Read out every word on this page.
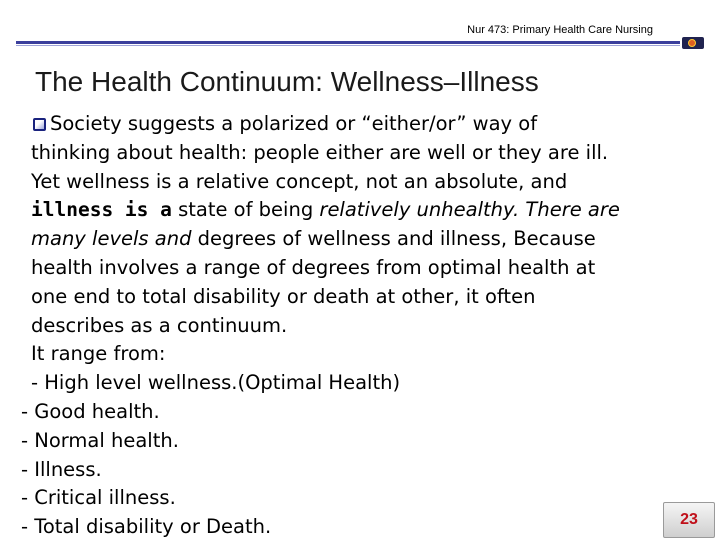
Nur 473: Primary Health Care Nursing
The Health Continuum: Wellness–Illness
Society suggests a polarized or “either/or” way of
thinking about health: people either are well or they are ill.
Yet wellness is a relative concept, not an absolute, and
illness is a state of being relatively unhealthy. There are
many levels and degrees of wellness and illness, Because
health involves a range of degrees from optimal health at
one end to total disability or death at other, it often
describes as a continuum.
It range from:
- High level wellness.(Optimal Health)
- Good health.
- Normal health.
- Illness.
- Critical illness.
- Total disability or Death.	23
